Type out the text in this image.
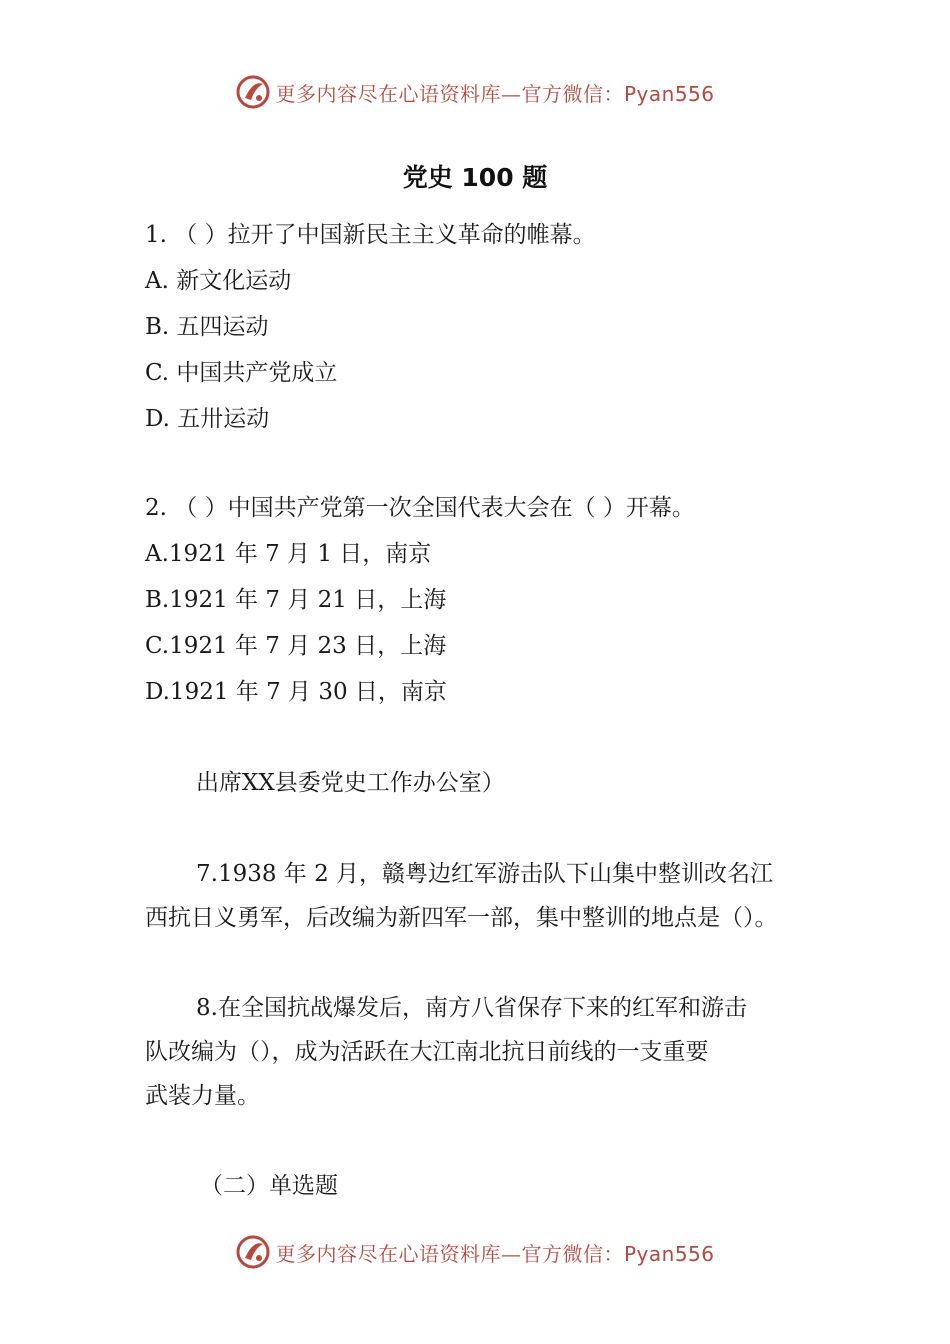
更多内容尽在心语资料库—官方微信：Pyan556
党史 100 题
1. （ ）拉开了中国新民主主义革命的帷幕。
A. 新文化运动
B. 五四运动
C. 中国共产党成立
D. 五卅运动
2. （ ）中国共产党第一次全国代表大会在（ ）开幕。
A.1921 年 7 月 1 日，南京
B.1921 年 7 月 21 日，上海
C.1921 年 7 月 23 日，上海
D.1921 年 7 月 30 日，南京
出席XX县委党史工作办公室）
7.1938 年 2 月，赣粤边红军游击队下山集中整训改名江
西抗日义勇军，后改编为新四军一部，集中整训的地点是（）。
8.在全国抗战爆发后，南方八省保存下来的红军和游击
队改编为（），成为活跃在大江南北抗日前线的一支重要
武装力量。
（二）单选题
更多内容尽在心语资料库—官方微信：Pyan556
